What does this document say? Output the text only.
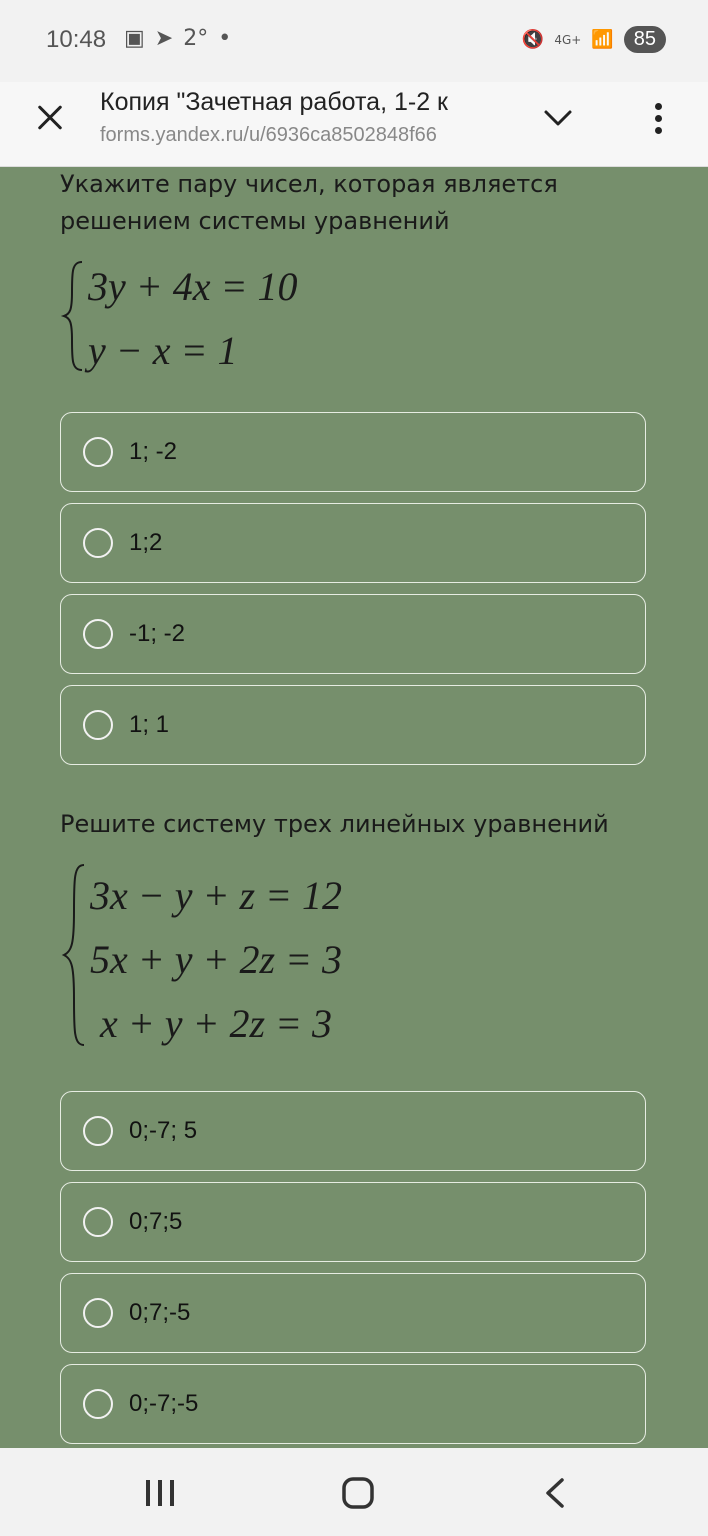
10:48 ▣ ➤ 2° •	🔇 4G+ 📶	85
Копия "Зачетная работа, 1-2 к
forms.yandex.ru/u/6936ca8502848f66
Укажите пару чисел, которая является решением системы уравнений
3y + 4x = 10
y − x = 1
1; -2
1;2
-1; -2
1; 1
Решите систему трех линейных уравнений
3x − y + z = 12
5x + y + 2z = 3
x + y + 2z = 3
0;-7; 5
0;7;5
0;7;-5
0;-7;-5
